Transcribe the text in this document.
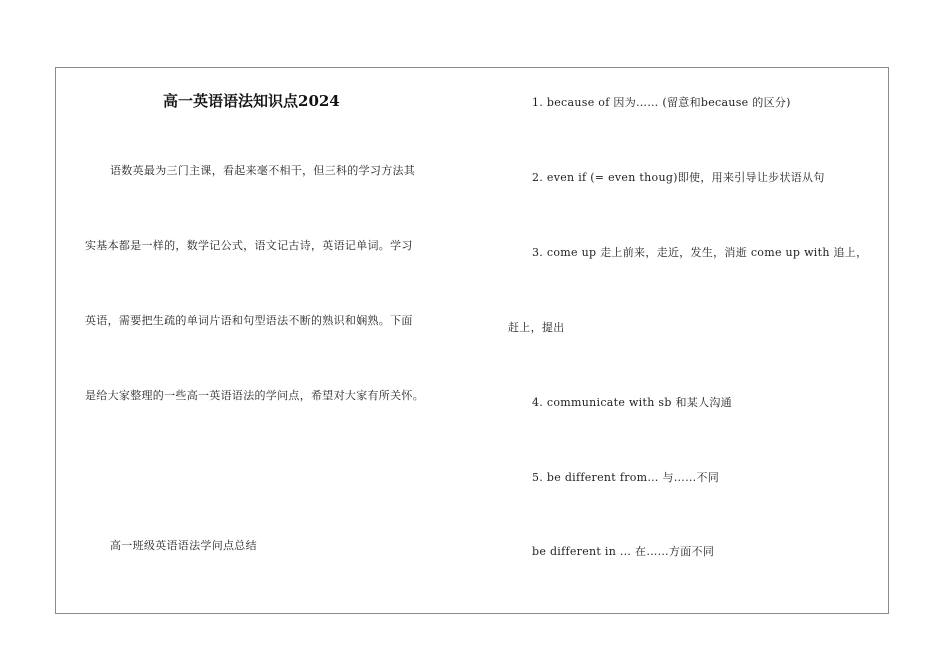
高一英语语法知识点2024
语数英最为三门主课，看起来毫不相干，但三科的学习方法其
实基本都是一样的，数学记公式，语文记古诗，英语记单词。学习
英语，需要把生疏的单词片语和句型语法不断的熟识和娴熟。下面
是给大家整理的一些高一英语语法的学问点，希望对大家有所关怀。
高一班级英语语法学问点总结
1. because of 因为…… (留意和because 的区分)
2. even if (= even thoug)即使，用来引导让步状语从句
3. come up 走上前来，走近，发生，消逝 come up with 追上，
赶上，提出
4. communicate with sb 和某人沟通
5. be different from… 与……不同
be different in … 在……方面不同
